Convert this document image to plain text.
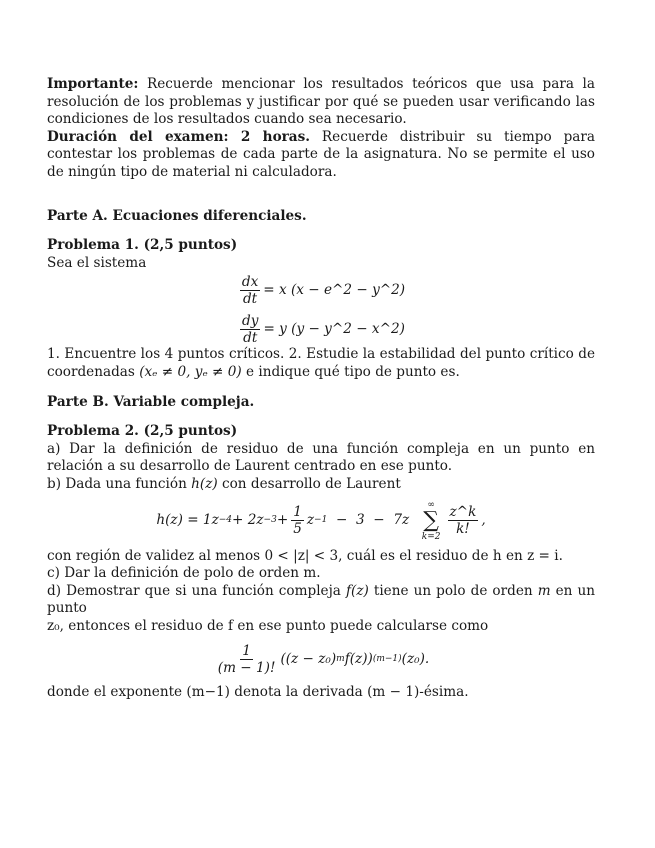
Importante: Recuerde mencionar los resultados teóricos que usa para la resolución de los problemas y justificar por qué se pueden usar verificando las condiciones de los resultados cuando sea necesario.

Duración del examen: 2 horas. Recuerde distribuir su tiempo para contestar los problemas de cada parte de la asignatura. No se permite el uso de ningún tipo de material ni calculadora.

Parte A. Ecuaciones diferenciales.

Problema 1. (2,5 puntos)

Sea el sistema

$\frac{dx}{dt} = x$ (x − e^2 − y^2)
$\frac{dy}{dt} = y$ (y − y^2 − x^2)

1. Encuentre los 4 puntos críticos. 2. Estudie la estabilidad del punto crítico de coordenadas (xₑ ≠ 0, yₑ ≠ 0) e indique qué tipo de punto es.

Parte B. Variable compleja.

Problema 2. (2,5 puntos)

a) Dar la definición de residuo de una función compleja en un punto en relación a su desarrollo de Laurent centrado en ese punto.

b) Dada una función h(z) con desarrollo de Laurent

$h(z) = 1z -4 + 2z -3 + \frac{1}{5}$ z −1 −  3  −  7z
∞
∑
$k=2 \frac{z\^{}k}{k!}$ ,

con región de validez al menos 0 < |z| < 3, cuál es el residuo de h en z = i.

c) Dar la definición de polo de orden m.

d) Demostrar que si una función compleja f(z) tiene un polo de orden m en un punto

z₀, entonces el residuo de f en ese punto puede calcularse como

$\frac{1}{(m - 1)!} ((z - z_0)$ m f(z)) (m−1) (z₀).

donde el exponente (m−1) denota la derivada (m − 1)-ésima.
